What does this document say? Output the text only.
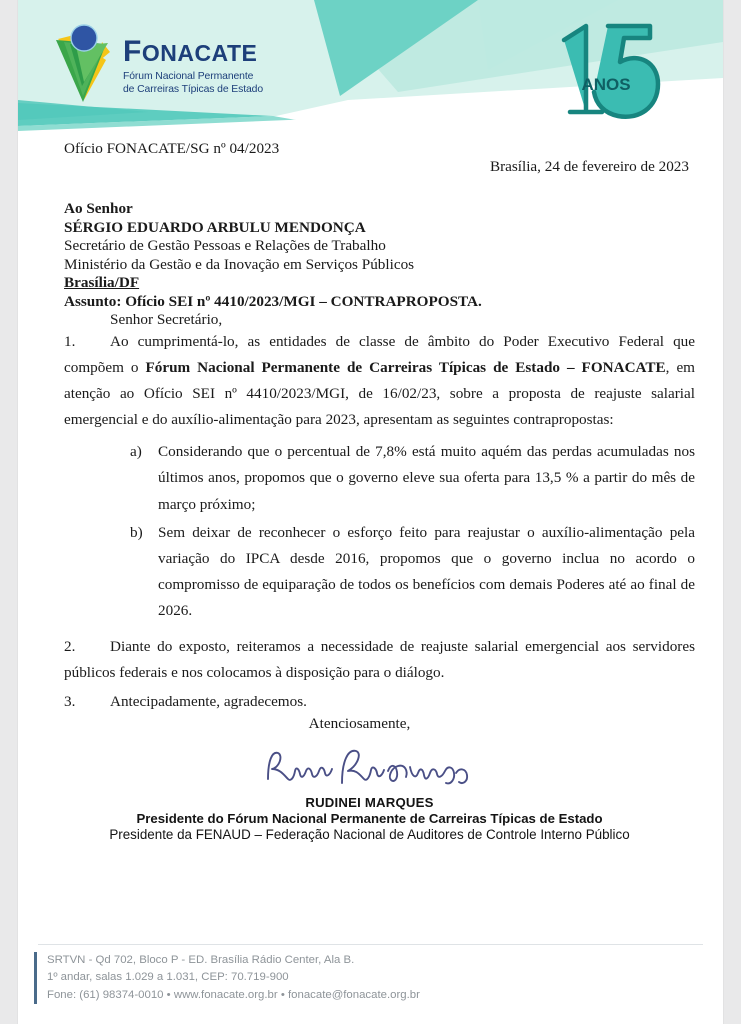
FONACATE
Fórum Nacional Permanente
de Carreiras Típicas de Estado	ANOS

Ofício FONACATE/SG nº 04/2023

Brasília, 24 de fevereiro de 2023

Ao Senhor
SÉRGIO EDUARDO ARBULU MENDONÇA
Secretário de Gestão Pessoas e Relações de Trabalho
Ministério da Gestão e da Inovação em Serviços Públicos
Brasília/DF

Assunto: Ofício SEI nº 4410/2023/MGI – CONTRAPROPOSTA.

Senhor Secretário,

1. Ao cumprimentá-lo, as entidades de classe de âmbito do Poder Executivo Federal que compõem o Fórum Nacional Permanente de Carreiras Típicas de Estado – FONACATE, em atenção ao Ofício SEI nº 4410/2023/MGI, de 16/02/23, sobre a proposta de reajuste salarial emergencial e do auxílio-alimentação para 2023, apresentam as seguintes contrapropostas:

a)	Considerando que o percentual de 7,8% está muito aquém das perdas acumuladas nos últimos anos, propomos que o governo eleve sua oferta para 13,5 % a partir do mês de março próximo;
b)	Sem deixar de reconhecer o esforço feito para reajustar o auxílio-alimentação pela variação do IPCA desde 2016, propomos que o governo inclua no acordo o compromisso de equiparação de todos os benefícios com demais Poderes até ao final de 2026.

2. Diante do exposto, reiteramos a necessidade de reajuste salarial emergencial aos servidores públicos federais e nos colocamos à disposição para o diálogo.

3. Antecipadamente, agradecemos.

Atenciosamente,

RUDINEI MARQUES
Presidente do Fórum Nacional Permanente de Carreiras Típicas de Estado
Presidente da FENAUD – Federação Nacional de Auditores de Controle Interno Público
SRTVN - Qd 702, Bloco P - ED. Brasília Rádio Center, Ala B.
1º andar, salas 1.029 a 1.031, CEP: 70.719-900
Fone: (61) 98374-0010 • www.fonacate.org.br • fonacate@fonacate.org.br
